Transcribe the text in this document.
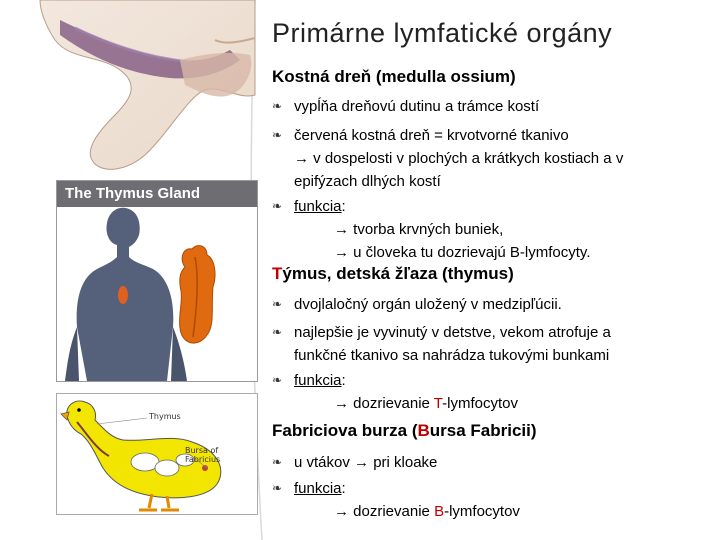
Primárne lymfatické orgány
The Thymus Gland
Thymus
Bursa of
Fabricius
Kostná dreň (medulla ossium)
❧ vypĺňa dreňovú dutinu a trámce kostí
❧ červená kostná dreň = krvotvorné tkanivo
→ v dospelosti v plochých a krátkych kostiach a v
epifýzach dlhých kostí
❧ funkcia:
→ tvorba krvných buniek,
→ u človeka tu dozrievajú B-lymfocyty.
Týmus, detská žľaza (thymus)
❧ dvojlaločný orgán uložený v medzipľúcii.
❧ najlepšie je vyvinutý v detstve, vekom atrofuje a
funkčné tkanivo sa nahrádza tukovými bunkami
❧ funkcia:
→ dozrievanie T-lymfocytov
Fabriciova burza (Bursa Fabricii)
❧ u vtákov → pri kloake
❧ funkcia:
→ dozrievanie B-lymfocytov
